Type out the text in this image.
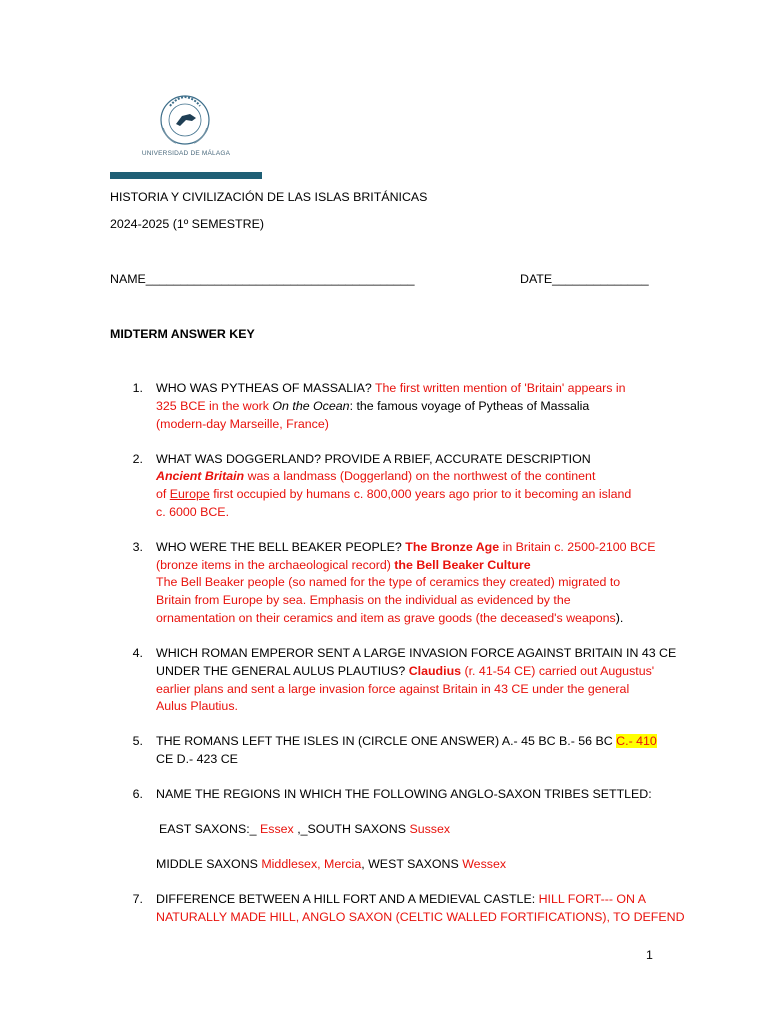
UNIVERSIDAD DE MÁLAGA
HISTORIA Y CIVILIZACIÓN DE LAS ISLAS BRITÁNICAS
2024-2025 (1º SEMESTRE)
NAME_______________________________________	DATE______________
MIDTERM ANSWER KEY
1. WHO WAS PYTHEAS OF MASSALIA? The first written mention of 'Britain' appears in
325 BCE in the work On the Ocean: the famous voyage of Pytheas of Massalia
(modern-day Marseille, France)
2. WHAT WAS DOGGERLAND? PROVIDE A RBIEF, ACCURATE DESCRIPTION
Ancient Britain was a landmass (Doggerland) on the northwest of the continent
of Europe first occupied by humans c. 800,000 years ago prior to it becoming an island
c. 6000 BCE.
3. WHO WERE THE BELL BEAKER PEOPLE? The Bronze Age in Britain c. 2500-2100 BCE
(bronze items in the archaeological record) the Bell Beaker Culture
The Bell Beaker people (so named for the type of ceramics they created) migrated to
Britain from Europe by sea. Emphasis on the individual as evidenced by the
ornamentation on their ceramics and item as grave goods (the deceased's weapons).
4. WHICH ROMAN EMPEROR SENT A LARGE INVASION FORCE AGAINST BRITAIN IN 43 CE
UNDER THE GENERAL AULUS PLAUTIUS? Claudius (r. 41-54 CE) carried out Augustus'
earlier plans and sent a large invasion force against Britain in 43 CE under the general
Aulus Plautius.
5. THE ROMANS LEFT THE ISLES IN (CIRCLE ONE ANSWER) A.- 45 BC B.- 56 BC C.- 410
CE D.- 423 CE
6. NAME THE REGIONS IN WHICH THE FOLLOWING ANGLO-SAXON TRIBES SETTLED:
EAST SAXONS:_ Essex ,_SOUTH SAXONS Sussex
MIDDLE SAXONS Middlesex, Mercia, WEST SAXONS Wessex
7. DIFFERENCE BETWEEN A HILL FORT AND A MEDIEVAL CASTLE: HILL FORT--- ON A
NATURALLY MADE HILL, ANGLO SAXON (CELTIC WALLED FORTIFICATIONS), TO DEFEND
1
